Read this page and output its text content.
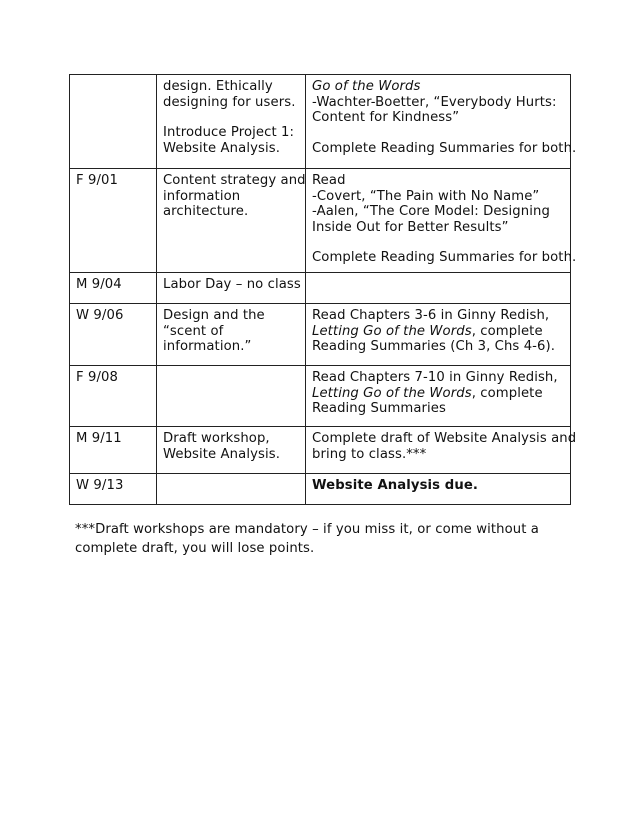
	design. Ethically
designing for users.
Introduce Project 1:
Website Analysis.	Go of the Words
-Wachter-Boetter, “Everybody Hurts:
Content for Kindness”
Complete Reading Summaries for both.

F 9/01	Content strategy and
information
architecture.	Read
-Covert, “The Pain with No Name”
-Aalen, “The Core Model: Designing
Inside Out for Better Results”
Complete Reading Summaries for both.

M 9/04	Labor Day – no class	

W 9/06	Design and the
“scent of
information.”	Read Chapters 3-6 in Ginny Redish,
Letting Go of the Words, complete
Reading Summaries (Ch 3, Chs 4-6).

F 9/08		Read Chapters 7-10 in Ginny Redish,
Letting Go of the Words, complete
Reading Summaries

M 9/11	Draft workshop,
Website Analysis.	Complete draft of Website Analysis and
bring to class.***

W 9/13		Website Analysis due.
***Draft workshops are mandatory – if you miss it, or come without a
complete draft, you will lose points.
